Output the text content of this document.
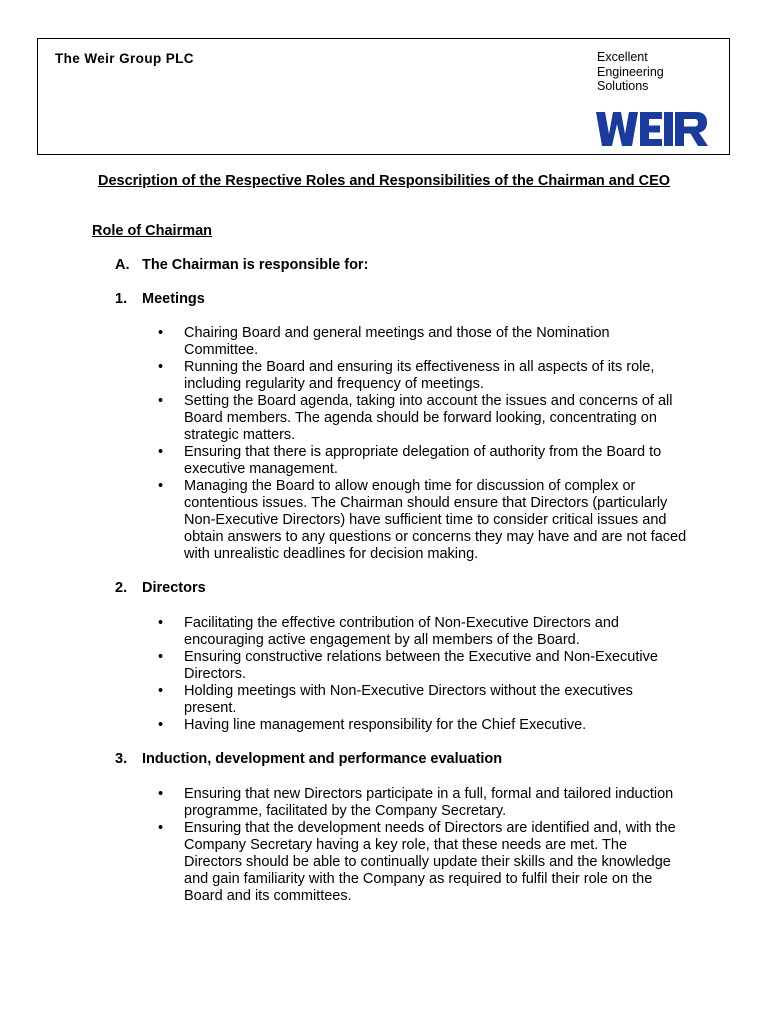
The Weir Group PLC	Excellent
Engineering
Solutions
Description of the Respective Roles and Responsibilities of the Chairman and CEO
Role of Chairman
A. The Chairman is responsible for:
1. Meetings
• Chairing Board and general meetings and those of the Nomination
Committee.
• Running the Board and ensuring its effectiveness in all aspects of its role,
including regularity and frequency of meetings.
• Setting the Board agenda, taking into account the issues and concerns of all
Board members. The agenda should be forward looking, concentrating on
strategic matters.
• Ensuring that there is appropriate delegation of authority from the Board to
executive management.
• Managing the Board to allow enough time for discussion of complex or
contentious issues. The Chairman should ensure that Directors (particularly
Non-Executive Directors) have sufficient time to consider critical issues and
obtain answers to any questions or concerns they may have and are not faced
with unrealistic deadlines for decision making.
2. Directors
• Facilitating the effective contribution of Non-Executive Directors and
encouraging active engagement by all members of the Board.
• Ensuring constructive relations between the Executive and Non-Executive
Directors.
• Holding meetings with Non-Executive Directors without the executives
present.
• Having line management responsibility for the Chief Executive.
3. Induction, development and performance evaluation
• Ensuring that new Directors participate in a full, formal and tailored induction
programme, facilitated by the Company Secretary.
• Ensuring that the development needs of Directors are identified and, with the
Company Secretary having a key role, that these needs are met. The
Directors should be able to continually update their skills and the knowledge
and gain familiarity with the Company as required to fulfil their role on the
Board and its committees.
